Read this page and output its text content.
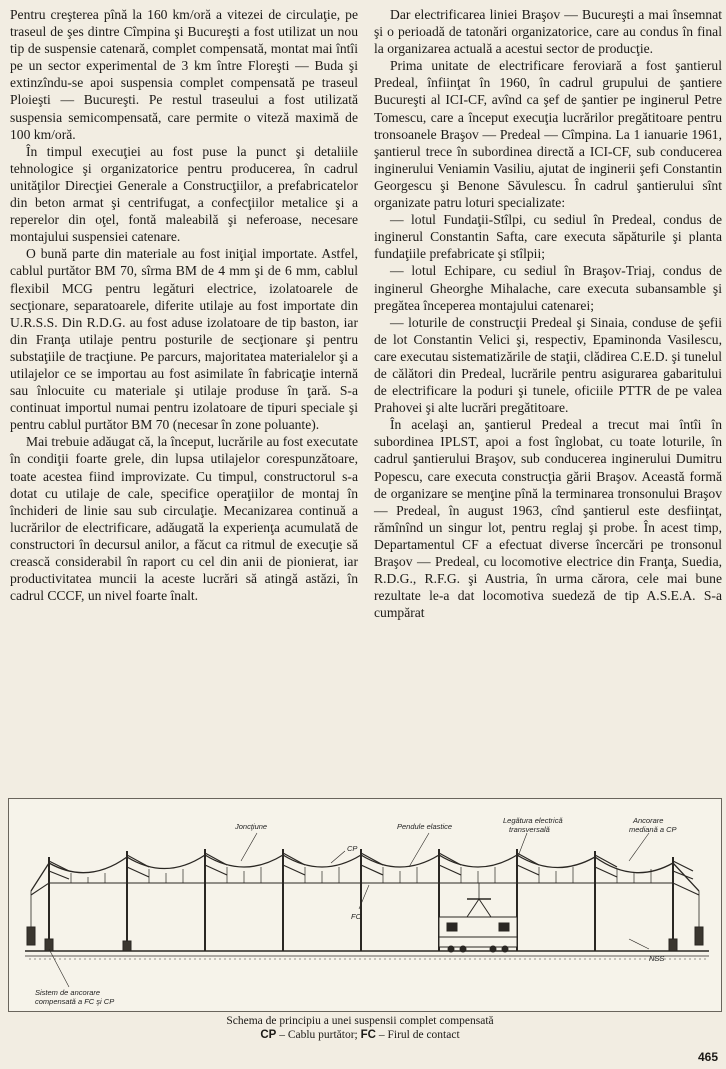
Pentru creşterea pînă la 160 km/oră a vitezei de circulaţie, pe traseul de şes dintre Cîmpina şi Bucureşti a fost utilizat un nou tip de suspensie catenară, complet compensată, montat mai întîi pe un sector experimental de 3 km între Floreşti — Buda şi extinzîndu-se apoi suspensia complet compensată pe traseul Ploieşti — Bucureşti. Pe restul traseului a fost utilizată suspensia semicompensată, care permite o viteză maximă de 100 km/oră.

În timpul execuţiei au fost puse la punct şi detaliile tehnologice şi organizatorice pentru producerea, în cadrul unităţilor Direcţiei Generale a Construcţiilor, a prefabricatelor din beton armat şi centrifugat, a confecţiilor metalice şi a reperelor din oţel, fontă maleabilă şi neferoase, necesare montajului suspensiei catenare.

O bună parte din materiale au fost iniţial importate. Astfel, cablul purtător BM 70, sîrma BM de 4 mm şi de 6 mm, cablul flexibil MCG pentru legături electrice, izolatoarele de secţionare, separatoarele, diferite utilaje au fost importate din U.R.S.S. Din R.D.G. au fost aduse izolatoare de tip baston, iar din Franţa utilaje pentru posturile de secţionare şi pentru substaţiile de tracţiune. Pe parcurs, majoritatea materialelor şi a utilajelor ce se importau au fost asimilate în fabricaţie internă sau înlocuite cu materiale şi utilaje produse în ţară. S-a continuat importul numai pentru izolatoare de tipuri speciale şi pentru cablul purtător BM 70 (necesar în zone poluante).

Mai trebuie adăugat că, la început, lucrările au fost executate în condiţii foarte grele, din lupsa utilajelor corespunzătoare, toate acestea fiind improvizate. Cu timpul, constructorul s-a dotat cu utilaje de cale, specifice operaţiilor de montaj în închideri de linie sau sub circulaţie. Mecanizarea continuă a lucrărilor de electrificare, adăugată la experienţa acumulată de constructori în decursul anilor, a făcut ca ritmul de execuţie să crească considerabil în raport cu cel din anii de pionierat, iar productivitatea muncii la aceste lucrări să atingă astăzi, în cadrul CCCF, un nivel foarte înalt.

Dar electrificarea liniei Braşov — Bucureşti a mai însemnat şi o perioadă de tatonări organizatorice, care au condus în final la organizarea actuală a acestui sector de producţie.

Prima unitate de electrificare feroviară a fost şantierul Predeal, înfiinţat în 1960, în cadrul grupului de şantiere Bucureşti al ICI-CF, avînd ca şef de şantier pe inginerul Petre Tomescu, care a început execuţia lucrărilor pregătitoare pentru tronsoanele Braşov — Predeal — Cîmpina. La 1 ianuarie 1961, şantierul trece în subordinea directă a ICI-CF, sub conducerea inginerului Veniamin Vasiliu, ajutat de inginerii şefi Constantin Georgescu şi Benone Săvulescu. În cadrul şantierului sînt organizate patru loturi specializate:

— lotul Fundaţii-Stîlpi, cu sediul în Predeal, condus de inginerul Constantin Safta, care executa săpăturile şi planta fundaţiile prefabricate şi stîlpii;

— lotul Echipare, cu sediul în Braşov-Triaj, condus de inginerul Gheorghe Mihalache, care executa subansamble şi pregătea începerea montajului catenarei;

— loturile de construcţii Predeal şi Sinaia, conduse de şefii de lot Constantin Velici şi, respectiv, Epaminonda Vasilescu, care executau sistematizările de staţii, clădirea C.E.D. şi tunelul de călători din Predeal, lucrările pentru asigurarea gabaritului de electrificare la poduri şi tunele, oficiile PTTR de pe valea Prahovei şi alte lucrări pregătitoare.

În acelaşi an, şantierul Predeal a trecut mai întîi în subordinea IPLST, apoi a fost înglobat, cu toate loturile, în cadrul şantierului Braşov, sub conducerea inginerului Dumitru Popescu, care executa construcţia gării Braşov. Această formă de organizare se menţine pînă la terminarea tronsonului Braşov — Predeal, în august 1963, cînd şantierul este desfiinţat, rămînînd un singur lot, pentru reglaj şi probe. În acest timp, Departamentul CF a efectuat diverse încercări pe tronsonul Braşov — Predeal, cu locomotive electrice din Franţa, Suedia, R.D.G., R.F.G. şi Austria, în urma cărora, cele mai bune rezultate le-a dat locomotiva suedeză de tip A.S.E.A. S-a cumpărat

Joncţiune	Pendule elastice
Legătura electrică
transversală
Ancorare
mediană a CP
CP
FC
NSS
Sistem de ancorare
compensată a FC şi CP
Schema de principiu a unei suspensii complet compensată
CP – Cablu purtător; FC – Firul de contact
465
